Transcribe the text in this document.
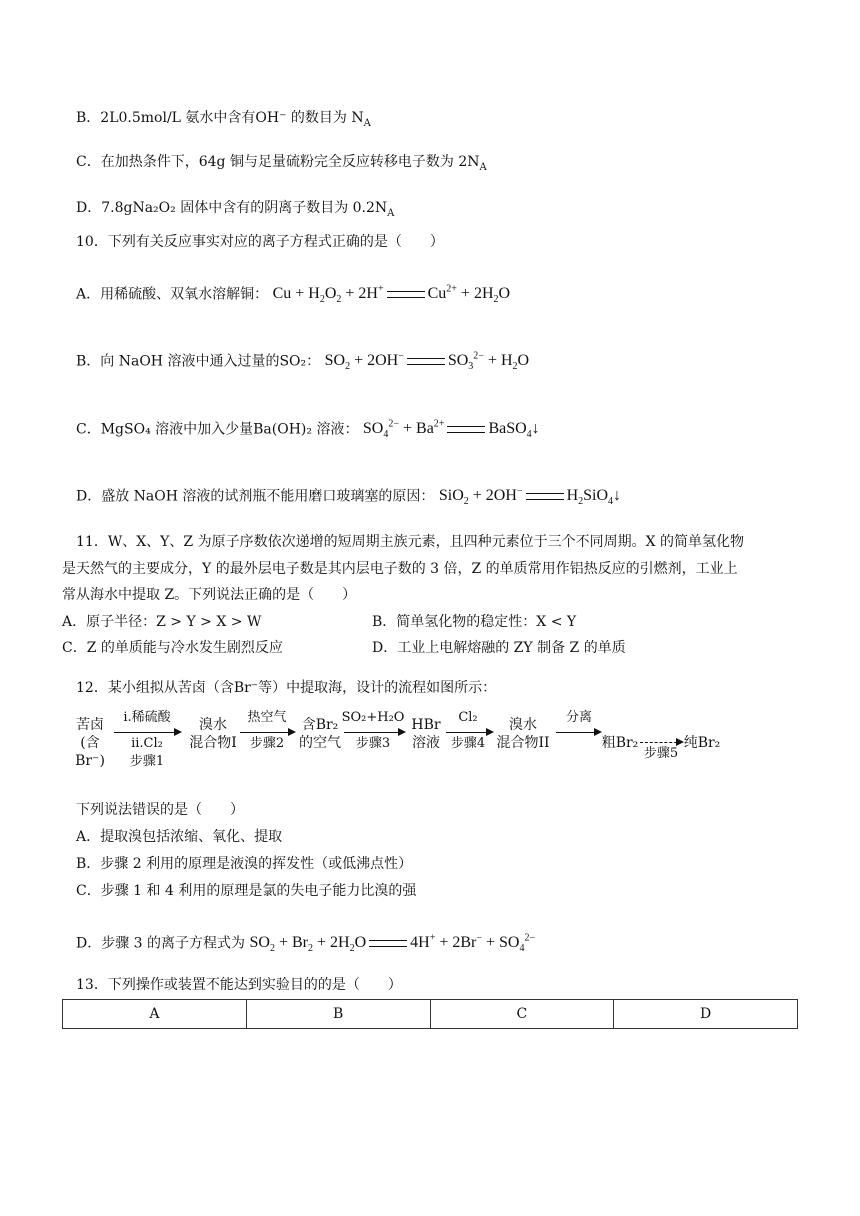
B．2L0.5mol/L 氨水中含有OH⁻ 的数目为 $N_A$
C．在加热条件下，64g 铜与足量硫粉完全反应转移电子数为 $2N_A$
D．7.8gNa₂O₂ 固体中含有的阴离子数目为 $0.2N_A$
10．下列有关反应事实对应的离子方程式正确的是（　　）
A．用稀硫酸、双氧水溶解铜： $Cu + H_2O_2 + 2H^+$	$Cu^{2+} + 2H_2O$
B．向 NaOH 溶液中通入过量的SO₂： $SO_2 + 2OH^-$	$SO_3^{2-} + H_2O$
C．MgSO₄ 溶液中加入少量Ba(OH)₂ 溶液： $SO_4^{2-} + Ba^{2+}$	BaSO$_4$↓
D．盛放 NaOH 溶液的试剂瓶不能用磨口玻璃塞的原因： SiO$_2$ + 2OH−	$H_2SiO_4↓$
11．W、X、Y、Z 为原子序数依次递增的短周期主族元素，且四种元素位于三个不同周期。X 的简单氢化物
是天然气的主要成分，Y 的最外层电子数是其内层电子数的 3 倍，Z 的单质常用作铝热反应的引燃剂，工业上
常从海水中提取 Z。下列说法正确的是（　　）
A．原子半径：Z > Y > X > W	B．简单氢化物的稳定性：X < Y
C．Z 的单质能与冷水发生剧烈反应	D．工业上电解熔融的 ZY 制备 Z 的单质
12．某小组拟从苦卤（含Br⁻等）中提取海，设计的流程如图所示：
苦卤
(含Br⁻)
i.稀硫酸
ii.Cl₂
步骤1
溴水
混合物I
热空气
步骤2
含Br₂
的空气
SO₂+H₂O
步骤3
HBr
溶液
Cl₂
步骤4
溴水
混合物II
分离
粗Br₂
步骤5
纯Br₂
下列说法错误的是（　　）
A．提取溴包括浓缩、氧化、提取
B．步骤 2 利用的原理是液溴的挥发性（或低沸点性）
C．步骤 1 和 4 利用的原理是氯的失电子能力比溴的强
D．步骤 3 的离子方程式为 $SO_2 + Br_2 + 2H_2O$	$4H^+ + 2Br^- + SO_4^{2-}$
13．下列操作或装置不能达到实验目的的是（　　）
A	B	C	D
